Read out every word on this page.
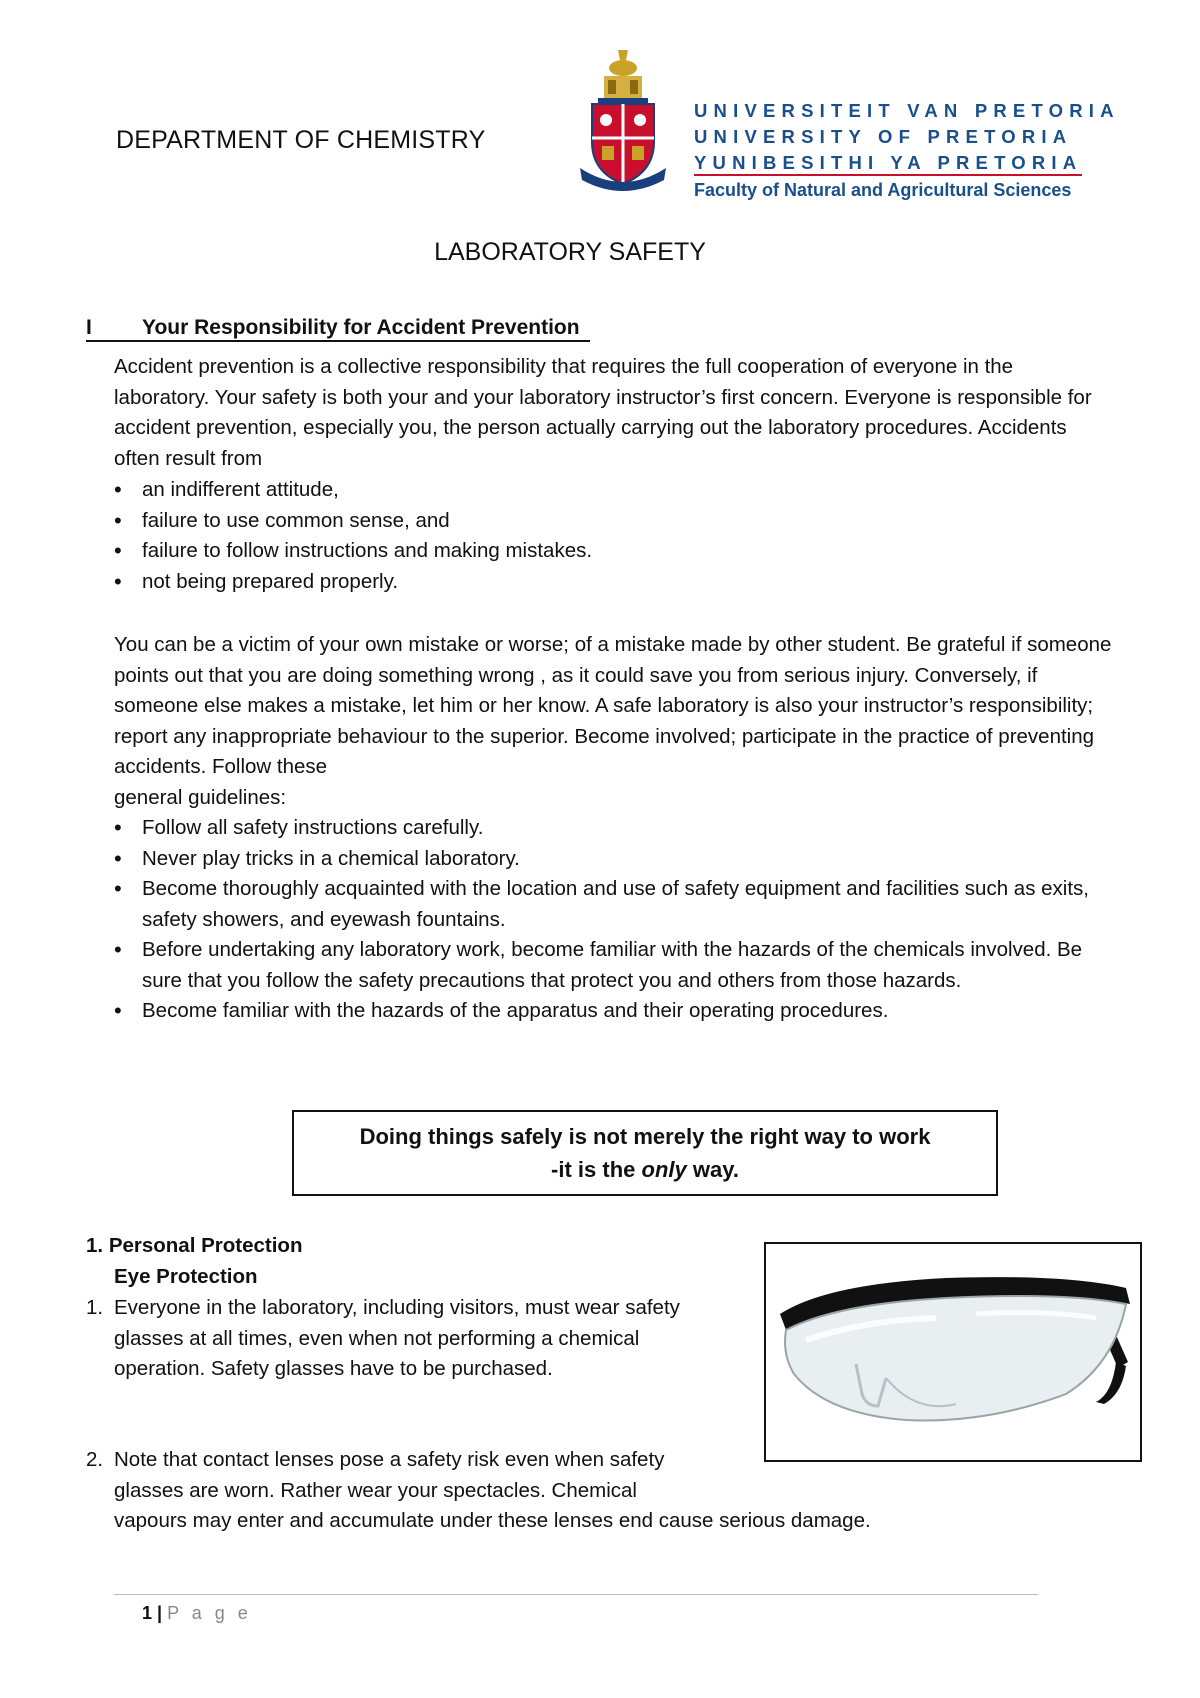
DEPARTMENT OF CHEMISTRY
UNIVERSITEIT VAN PRETORIA
UNIVERSITY OF PRETORIA
YUNIBESITHI YA PRETORIA
Faculty of Natural and Agricultural Sciences
LABORATORY SAFETY
I Your Responsibility for Accident Prevention
Accident prevention is a collective responsibility that requires the full cooperation of everyone in the laboratory. Your safety is both your and your laboratory instructor’s first concern. Everyone is responsible for accident prevention, especially you, the person actually carrying out the laboratory procedures. Accidents often result from
• an indifferent attitude,
• failure to use common sense, and
• failure to follow instructions and making mistakes.
• not being prepared properly.
You can be a victim of your own mistake or worse; of a mistake made by other student. Be grateful if someone points out that you are doing something wrong , as it could save you from serious injury. Conversely, if someone else makes a mistake, let him or her know. A safe laboratory is also your instructor’s responsibility; report any inappropriate behaviour to the superior. Become involved; participate in the practice of preventing accidents. Follow these
general guidelines:
• Follow all safety instructions carefully.
• Never play tricks in a chemical laboratory.
• Become thoroughly acquainted with the location and use of safety equipment and facilities such as exits, safety showers, and eyewash fountains.
• Before undertaking any laboratory work, become familiar with the hazards of the chemicals involved. Be sure that you follow the safety precautions that protect you and others from those hazards.
• Become familiar with the hazards of the apparatus and their operating procedures.
Doing things safely is not merely the right way to work
-it is the only way.
1. Personal Protection
Eye Protection
1. Everyone in the laboratory, including visitors, must wear safety glasses at all times, even when not performing a chemical operation. Safety glasses have to be purchased.
2. Note that contact lenses pose a safety risk even when safety glasses are worn. Rather wear your spectacles. Chemical
vapours may enter and accumulate under these lenses end cause serious damage.
1 | P a g e
